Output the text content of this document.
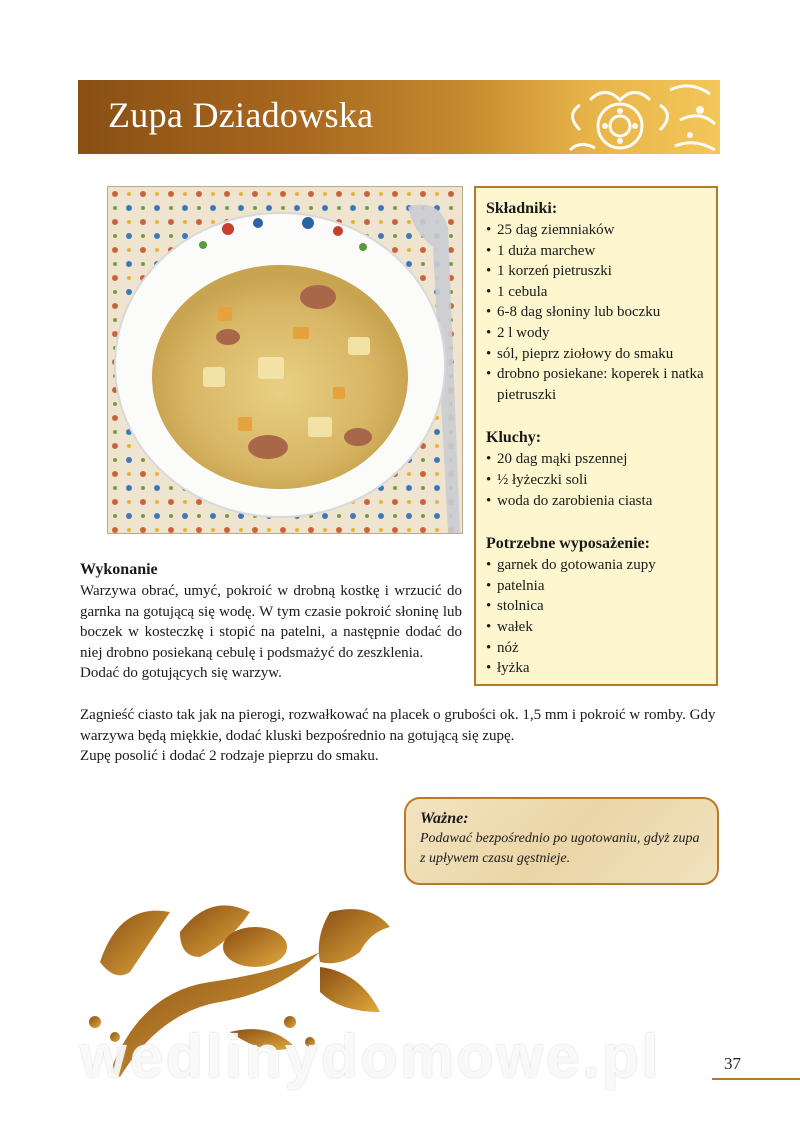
Zupa Dziadowska
Składniki:
• 25 dag ziemniaków
• 1 duża marchew
• 1 korzeń pietruszki
• 1 cebula
• 6-8 dag słoniny lub boczku
• 2 l wody
• sól, pieprz ziołowy do smaku
• drobno posiekane: koperek i natka pietruszki
Kluchy:
• 20 dag mąki pszennej
• ½ łyżeczki soli
• woda do zarobienia ciasta
Potrzebne wyposażenie:
• garnek do gotowania zupy
• patelnia
• stolnica
• wałek
• nóż
• łyżka
Wykonanie

Warzywa obrać, umyć, pokroić w drobną kostkę i wrzucić do garnka na gotującą się wodę. W tym czasie pokroić słoninę lub boczek w kosteczkę i stopić na patelni, a następnie dodać do niej drobno posiekaną cebulę i podsmażyć do zeszklenia.

Dodać do gotujących się warzyw.

Zagnieść ciasto tak jak na pierogi, rozwałkować na placek o grubości ok. 1,5 mm i pokroić w romby. Gdy warzywa będą miękkie, dodać kluski bezpośrednio na gotującą się zupę.

Zupę posolić i dodać 2 rodzaje pieprzu do smaku.

Ważne:

Podawać bezpośrednio po ugotowaniu, gdyż zupa z upływem czasu gęstnieje.

wedlinydomowe.pl	37
